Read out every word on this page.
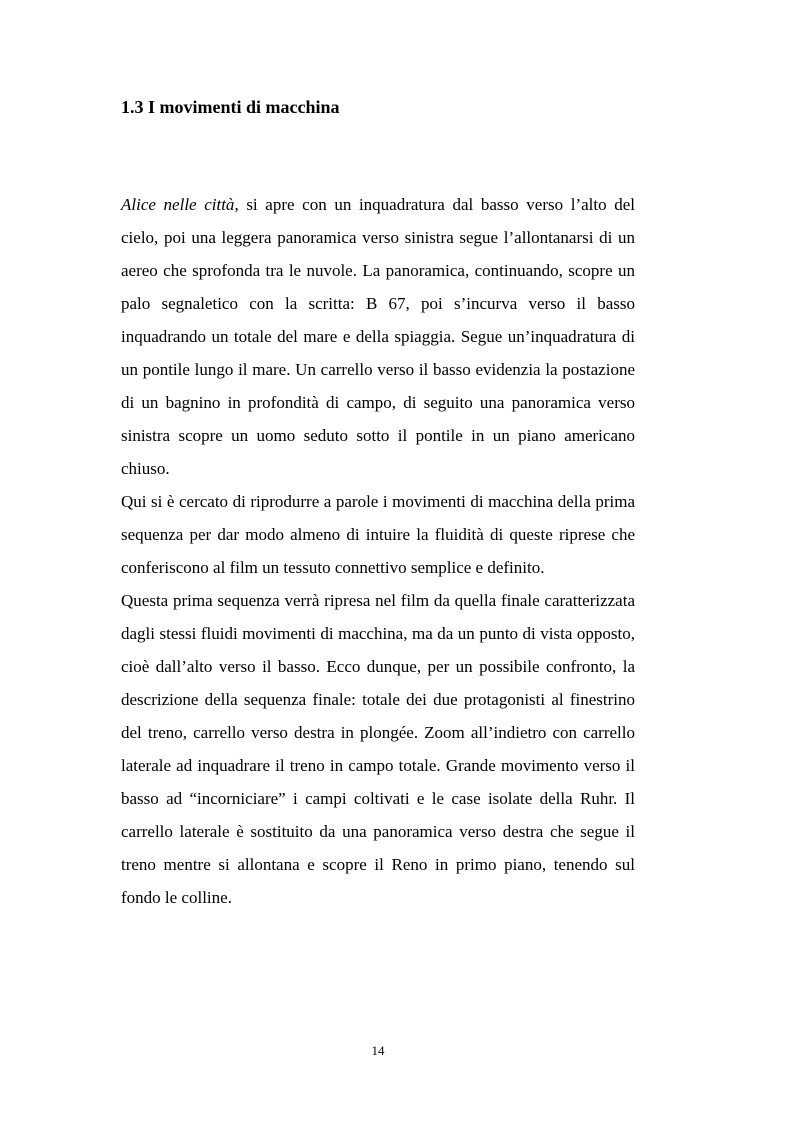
1.3 I movimenti di macchina

Alice nelle città, si apre con un inquadratura dal basso verso l’alto del cielo, poi una leggera panoramica verso sinistra segue l’allontanarsi di un aereo che sprofonda tra le nuvole. La panoramica, continuando, scopre un palo segnaletico con la scritta: B 67, poi s’incurva verso il basso inquadrando un totale del mare e della spiaggia. Segue un’inquadratura di un pontile lungo il mare. Un carrello verso il basso evidenzia la postazione di un bagnino in profondità di campo, di seguito una panoramica verso sinistra scopre un uomo seduto sotto il pontile in un piano americano chiuso.

Qui si è cercato di riprodurre a parole i movimenti di macchina della prima sequenza per dar modo almeno di intuire la fluidità di queste riprese che conferiscono al film un tessuto connettivo semplice e definito.

Questa prima sequenza verrà ripresa nel film da quella finale caratterizzata dagli stessi fluidi movimenti di macchina, ma da un punto di vista opposto, cioè dall’alto verso il basso. Ecco dunque, per un possibile confronto, la descrizione della sequenza finale: totale dei due protagonisti al finestrino del treno, carrello verso destra in plongée. Zoom all’indietro con carrello laterale ad inquadrare il treno in campo totale. Grande movimento verso il basso ad “incorniciare” i campi coltivati e le case isolate della Ruhr. Il carrello laterale è sostituito da una panoramica verso destra che segue il treno mentre si allontana e scopre il Reno in primo piano, tenendo sul fondo le colline.

14
